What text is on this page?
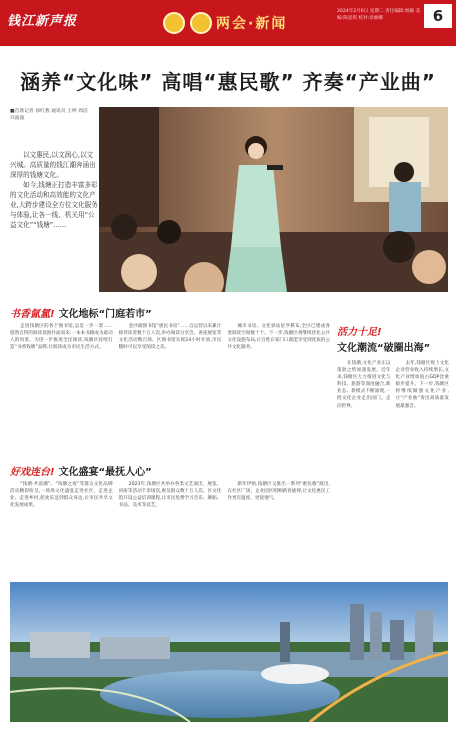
钱江新声报	两会·新闻
2024年2月6日 星期二 责任编辑:杨颖 美编:陈思琪 校对:章丽娜	6
涵养“文化味” 高唱“惠民歌” 齐奏“产业曲”
■首席记者 徐红燕 通讯员 王婷 周洁 许波波

以文惠民,以文润心,以文兴城。高质量的钱江潮奔涌出深厚的钱塘文化。

如今,钱塘正打造丰富多彩的文化活动和高效能的文化产业,大跨步建设全方位文化服务与体验,让各一线、机关用“公益文化”“钱塘”……

书香氤氲! 文化地标“门庭若市”

走进钱塘区的各个图书馆,总是一步一景……悠然自得的阅读氛围扑面而来,一本本书籍成为最动人的风景。为进一步推进全民阅读,钱塘区持续打造“书香钱塘”品牌,让阅读成为市民生活方式。

金沙湖图书馆“惠民书房”……自运营以来累计接待读者数十万人次,举办阅读分享会、讲座展览等文化活动数百场。区图书馆实现24小时开放,市民随时可以享受阅读之乐。

城市书房、文化驿站星罗棋布,全区已建成各类阅读空间数十个。下一步,钱塘区将继续优化公共文化设施布局,让百姓在家门口就能享受到优质的公共文化服务。

好戏连台! 文化盛宴“最抚人心”

“钱塘·共富潮”、“钱塘之夜”等群众文化品牌活动精彩纷呈,一场场文化盛宴走进社区、走进企业、走进乡村,把欢乐送到群众身边,让市民共享文化发展成果。

2023年,钱塘区共举办各类文艺演出、展览、讲座等活动千余场次,惠及群众数十万人次。区文化馆开设公益培训课程,让市民免费学习音乐、舞蹈、书法、美术等技艺。

新年伊始,钱塘区又推出一系列“惠民歌”演出,在社区广场、企业园区唱响新春旋律,让文化惠民工作更有温度、更接地气。

活力十足!
文化潮流“破圈出海”

在钱塘,文化产业正以蓬勃之势加速发展。近年来,钱塘区大力推进文化与科技、旅游等深度融合,新业态、新模式不断涌现,一批文化企业走出国门、走向世界。

去年,钱塘区规上文化企业营业收入持续增长,文化产业增加值占GDP比重稳步提升。下一步,钱塘区将继续做强文化产业,让“产业曲”奏出高质量发展最强音。
